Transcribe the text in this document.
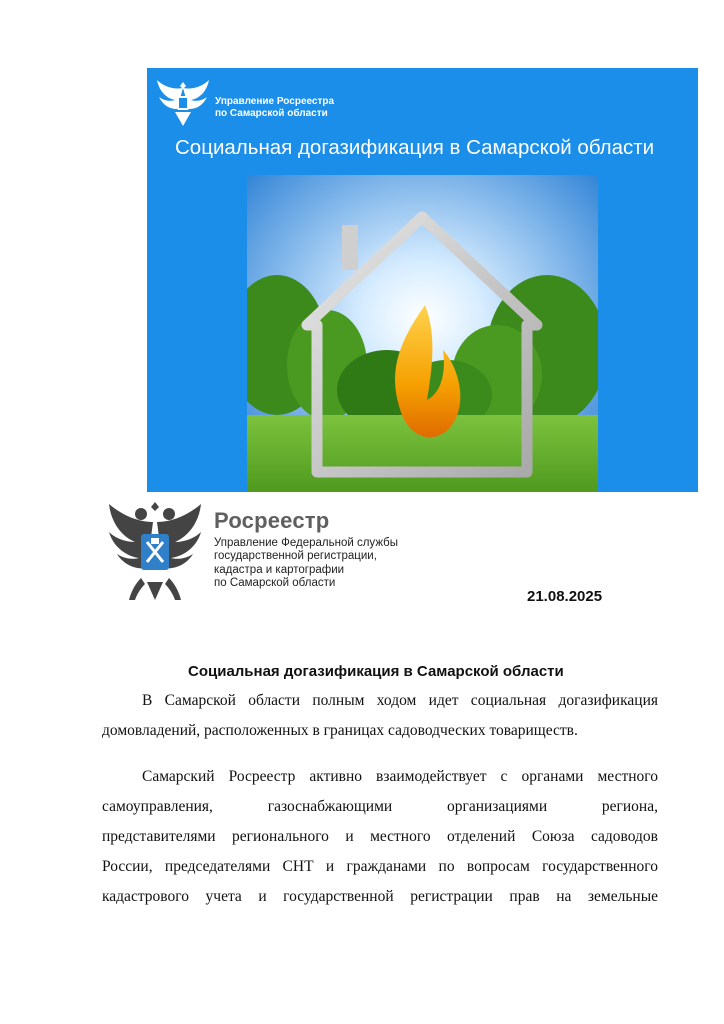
Управление Росреестра
по Самарской области
Социальная догазификация в Самарской области
Росреестр
Управление Федеральной службы
государственной регистрации,
кадастра и картографии
по Самарской области
21.08.2025
Социальная догазификация в Самарской области
В Самарской области полным ходом идет социальная догазификация
домовладений, расположенных в границах садоводческих товариществ.
Самарский Росреестр активно взаимодействует с органами местного
самоуправления, газоснабжающими организациями региона,
представителями регионального и местного отделений Союза садоводов
России, председателями СНТ и гражданами по вопросам государственного
кадастрового учета и государственной регистрации прав на земельные
